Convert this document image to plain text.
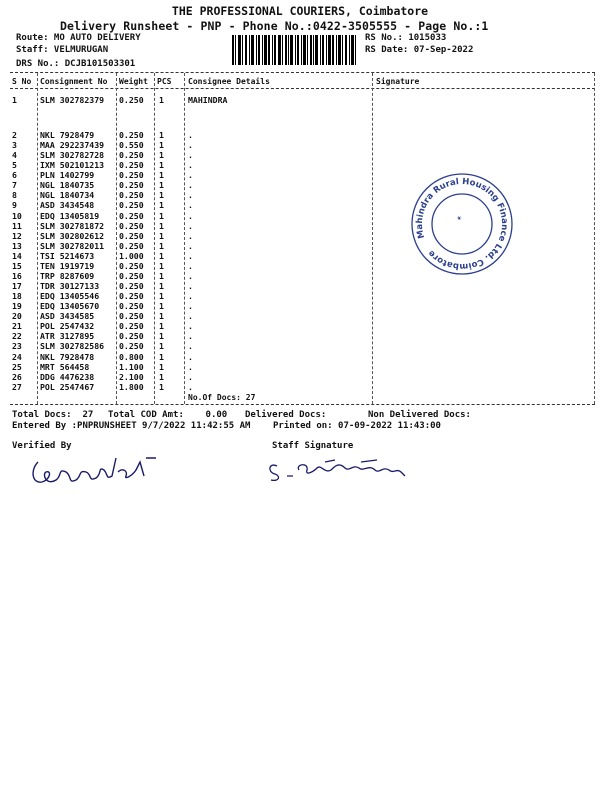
THE PROFESSIONAL COURIERS, Coimbatore
Delivery Runsheet - PNP - Phone No.:0422-3505555 - Page No.:1
Route: MO AUTO DELIVERY
Staff: VELMURUGAN
DRS No.: DCJB101503301
RS No.: 1015033
RS Date: 07-Sep-2022
S No Consignment No Weight PCS Consignee Details	Signature
1	SLM 302782379 0.250 1	MAHINDRA
2	NKL 7928479	0.250 1	.
3	MAA 292237439 0.550 1	.
4	SLM 302782728 0.250 1	.
5	IXM 502101213 0.250 1	.
6	PLN 1402799	0.250 1	.
7	NGL 1840735	0.250 1	.
8	NGL 1840734	0.250 1	.
9	ASD 3434548	0.250 1	.
10 EDQ 13405819 0.250 1	.
11 SLM 302781872 0.250 1	.
12 SLM 302802612 0.250 1	.
13 SLM 302782011 0.250 1	.
14 TSI 5214673	1.000 1	.
15 TEN 1919719	0.250 1	.
16 TRP 8287609	0.250 1	.
17 TDR 30127133 0.250 1	.
18 EDQ 13405546 0.250 1	.
19 EDQ 13405670 0.250 1	.
20 ASD 3434585	0.250 1	.
21 POL 2547432	0.250 1	.
22 ATR 3127895	0.250 1	.
23 SLM 302782586 0.250 1	.
24 NKL 7928478	0.800 1	.
25 MRT 564458	1.100 1	.
26 DDG 4476238	2.100 1	.
27 POL 2547467	1.800 1	.
No.Of Docs: 27
Total Docs:  27 Total COD Amt:    0.00 Delivered Docs:	Non Delivered Docs:
Entered By :PNPRUNSHEET 9/7/2022 11:42:55 AM	Printed on: 07-09-2022 11:43:00
Verified By	Staff Signature
Mahindra Rural Housing Finance Ltd. Coimbatore
✶
